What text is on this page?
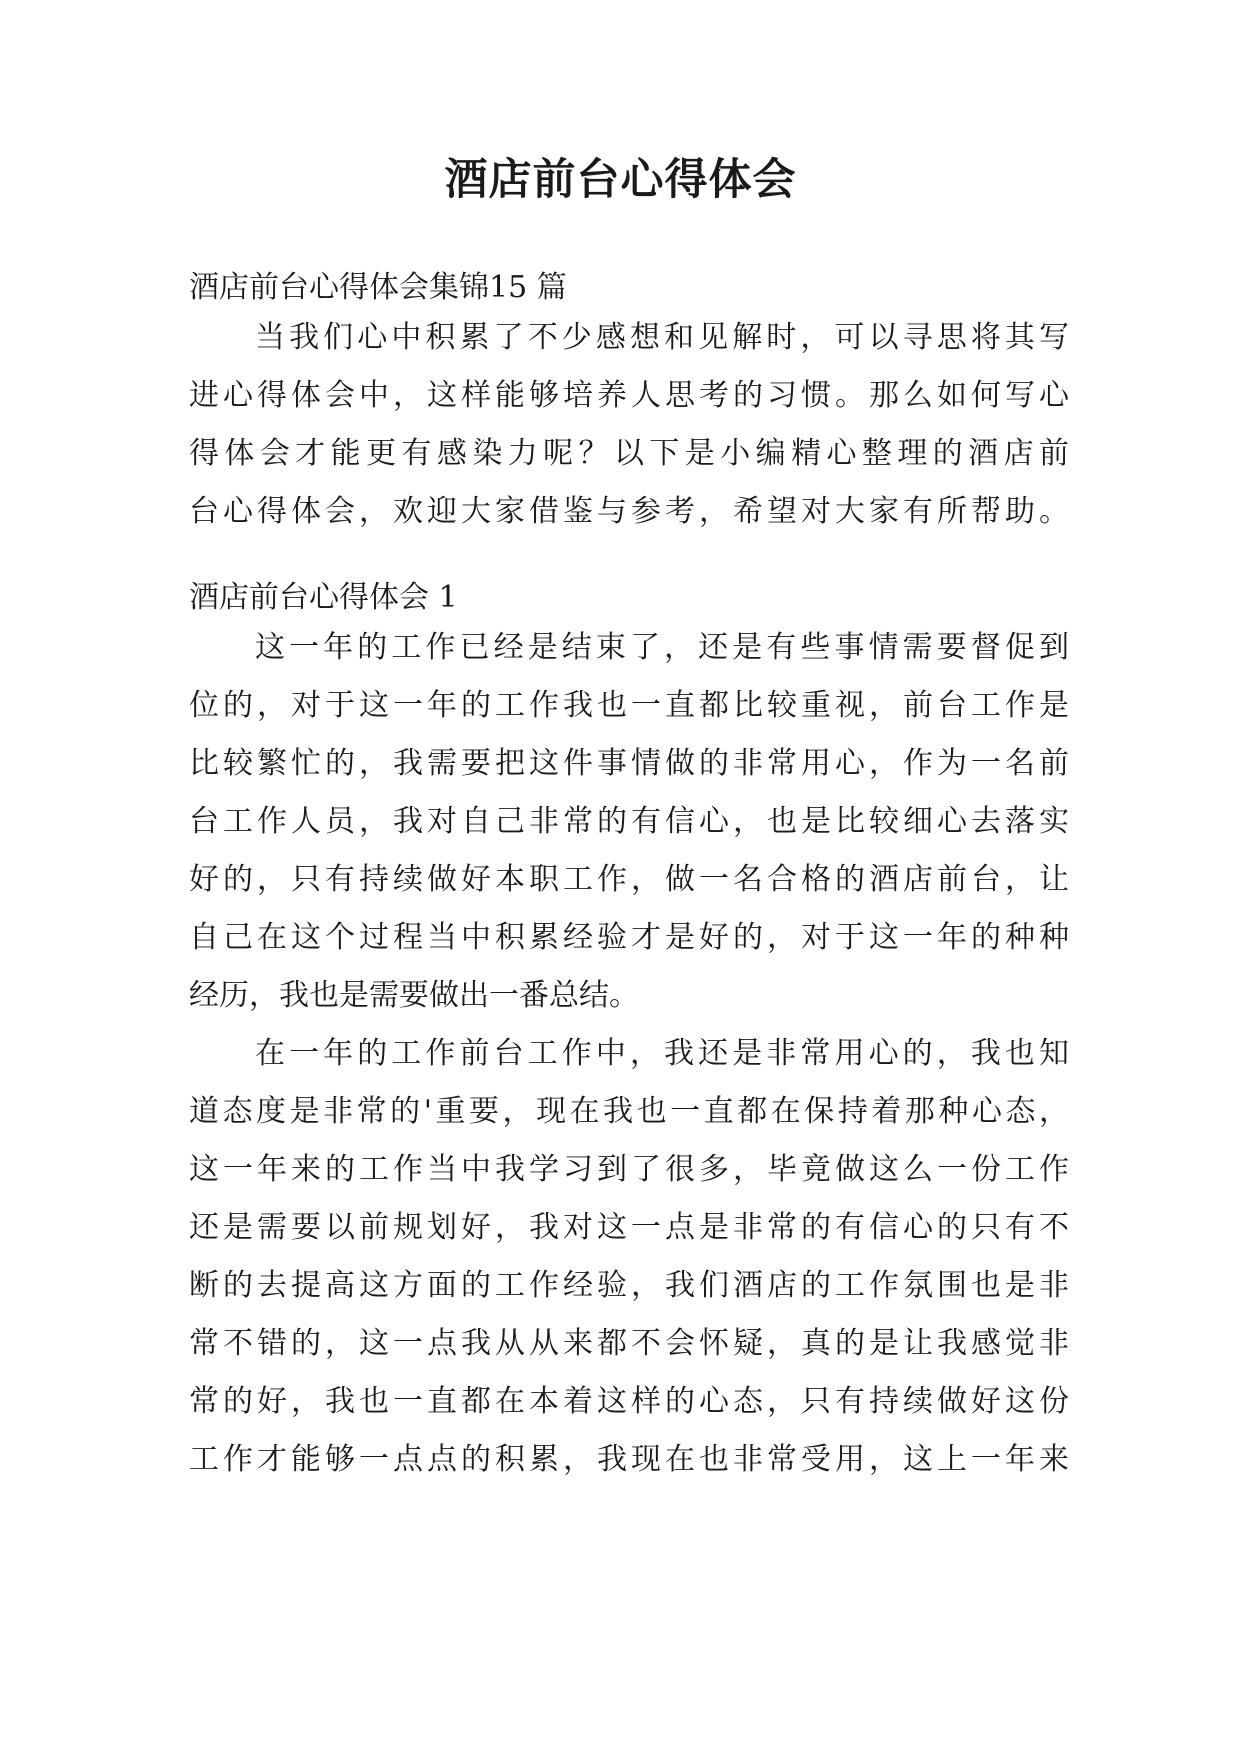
酒店前台心得体会

酒店前台心得体会集锦15 篇

当我们心中积累了不少感想和见解时，可以寻思将其写
进心得体会中，这样能够培养人思考的习惯。那么如何写心
得体会才能更有感染力呢？以下是小编精心整理的酒店前
台心得体会，欢迎大家借鉴与参考，希望对大家有所帮助。

酒店前台心得体会 1

这一年的工作已经是结束了，还是有些事情需要督促到
位的，对于这一年的工作我也一直都比较重视，前台工作是
比较繁忙的，我需要把这件事情做的非常用心，作为一名前
台工作人员，我对自己非常的有信心，也是比较细心去落实
好的，只有持续做好本职工作，做一名合格的酒店前台，让
自己在这个过程当中积累经验才是好的，对于这一年的种种
经历，我也是需要做出一番总结。
在一年的工作前台工作中，我还是非常用心的，我也知
道态度是非常的'重要，现在我也一直都在保持着那种心态，
这一年来的工作当中我学习到了很多，毕竟做这么一份工作
还是需要以前规划好，我对这一点是非常的有信心的只有不
断的去提高这方面的工作经验，我们酒店的工作氛围也是非
常不错的，这一点我从从来都不会怀疑，真的是让我感觉非
常的好，我也一直都在本着这样的心态，只有持续做好这份
工作才能够一点点的积累，我现在也非常受用，这上一年来
